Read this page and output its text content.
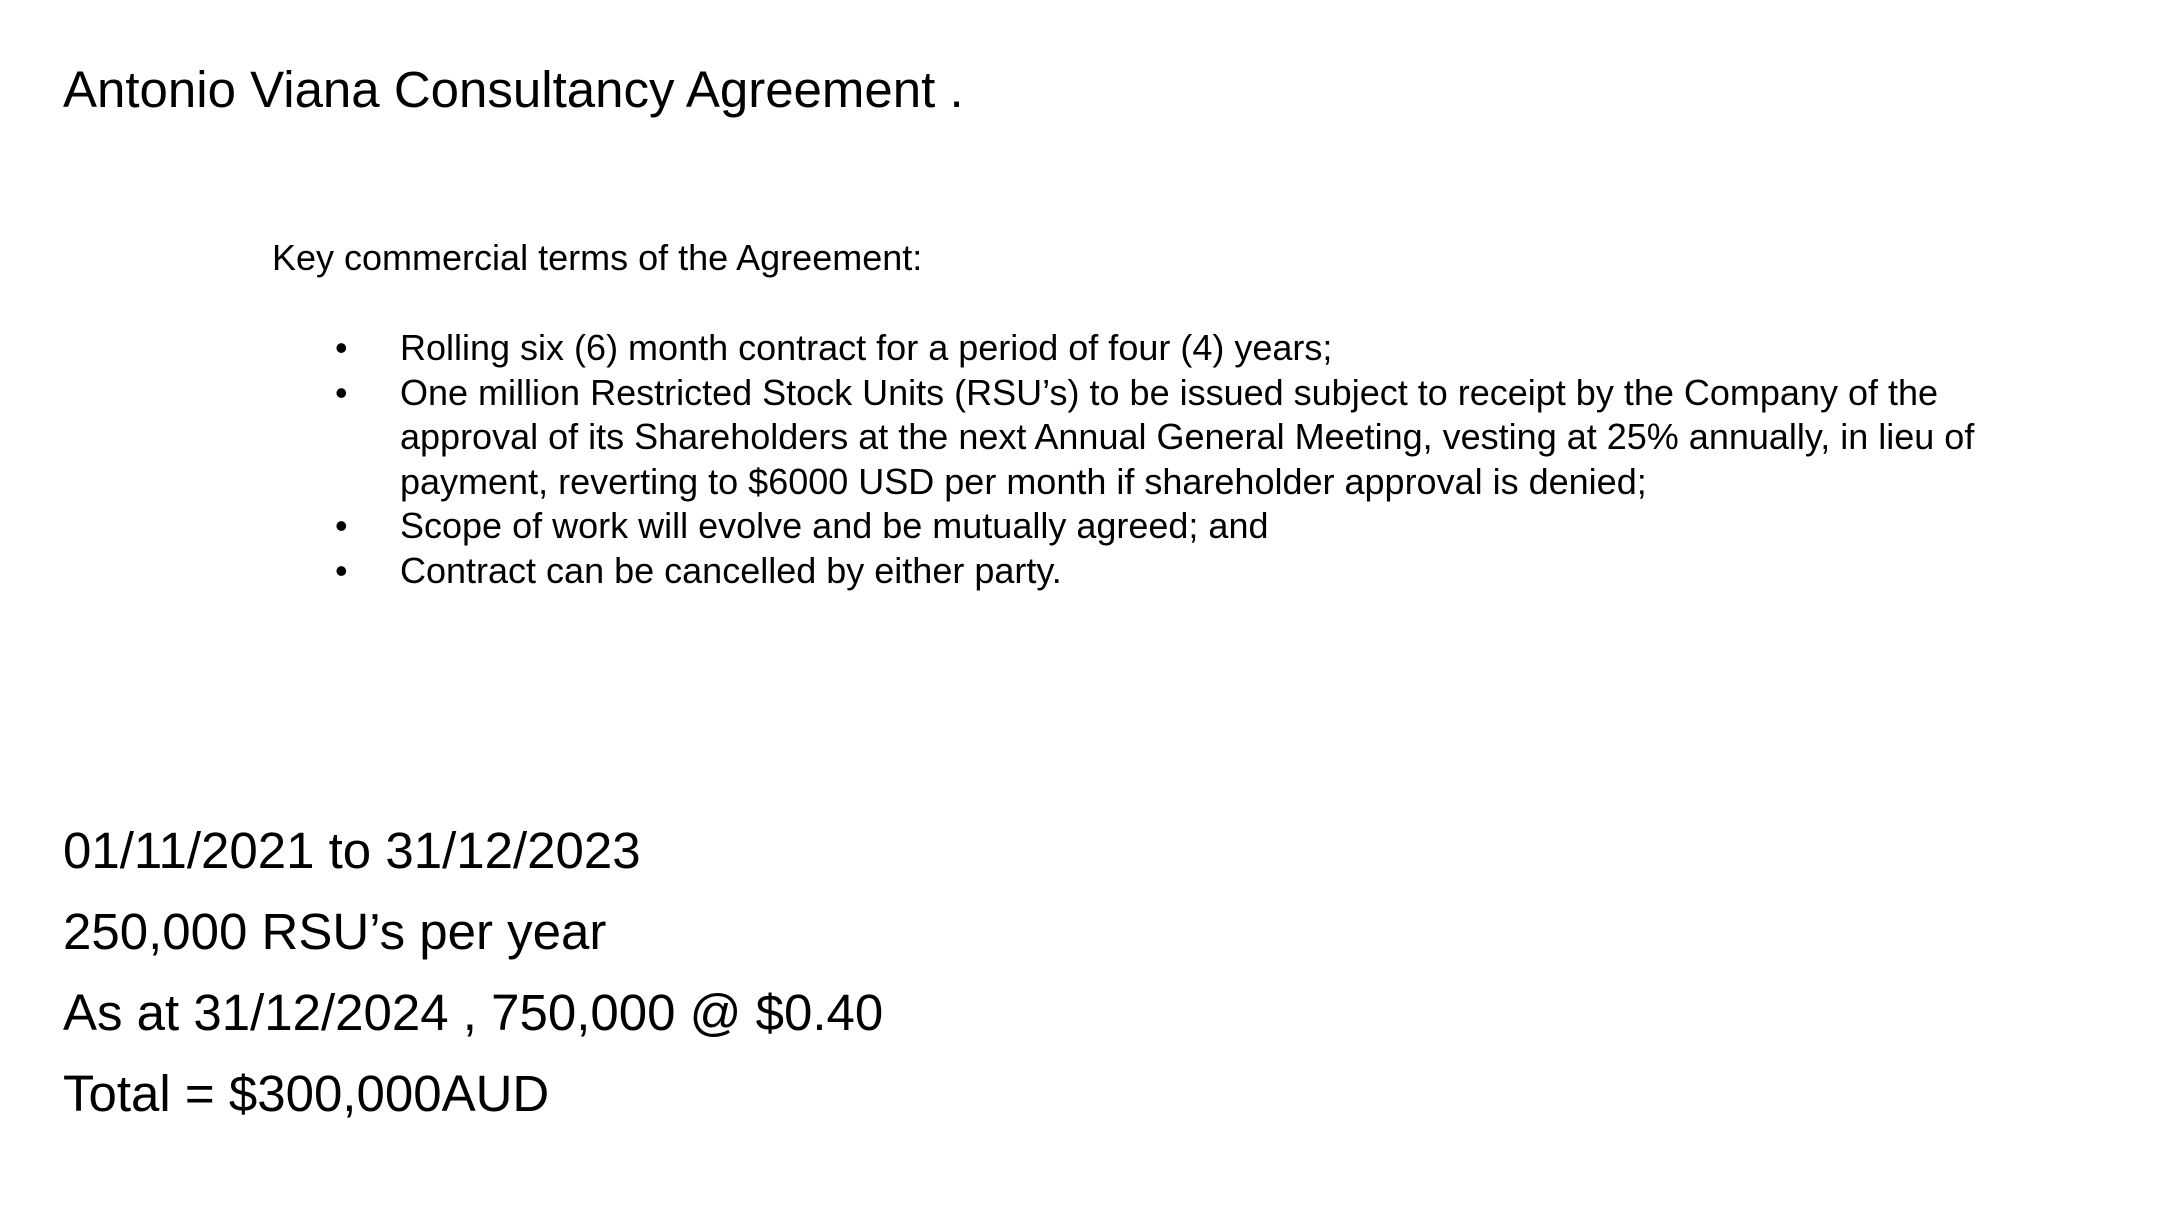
Antonio Viana Consultancy Agreement .
Key commercial terms of the Agreement:
• Rolling six (6) month contract for a period of four (4) years;
• One million Restricted Stock Units (RSU’s) to be issued subject to receipt by the Company of the approval of its Shareholders at the next Annual General Meeting, vesting at 25% annually, in lieu of payment, reverting to $6000 USD per month if shareholder approval is denied;
• Scope of work will evolve and be mutually agreed; and
• Contract can be cancelled by either party.
01/11/2021 to 31/12/2023
250,000 RSU’s per year
As at 31/12/2024 , 750,000 @ $0.40
Total = $300,000AUD
